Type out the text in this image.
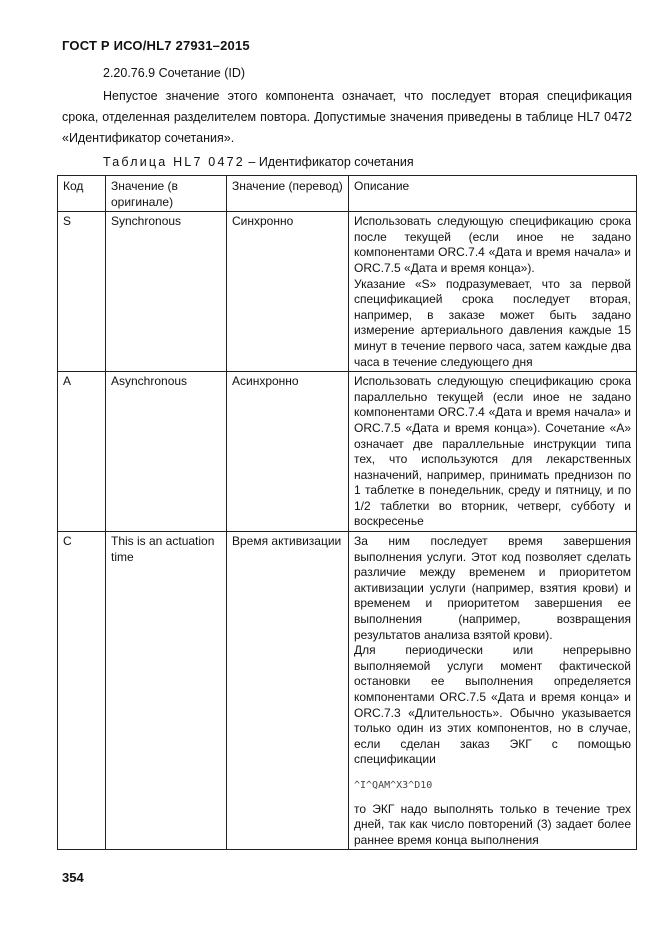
ГОСТ Р ИСО/HL7 27931–2015
2.20.76.9 Сочетание (ID)
Непустое значение этого компонента означает, что последует вторая спецификация срока, отделенная разделителем повтора. Допустимые значения приведены в таблице HL7 0472 «Идентификатор сочетания».
Таблица HL7 0472 – Идентификатор сочетания
Код	Значение (в оригинале)	Значение (перевод)	Описание
S	Synchronous	Синхронно	Использовать следующую спецификацию срока после текущей (если иное не задано компонентами ORC.7.4 «Дата и время начала» и ORC.7.5 «Дата и время конца»).

Указание «S» подразумевает, что за первой спецификацией срока последует вторая, например, в заказе может быть задано измерение артериального давления каждые 15 минут в течение первого часа, затем каждые два часа в течение следующего дня

A	Asynchronous	Асинхронно	Использовать следующую спецификацию срока параллельно текущей (если иное не задано компонентами ORC.7.4 «Дата и время начала» и ORC.7.5 «Дата и время конца»). Сочетание «А» означает две параллельные инструкции типа тех, что используются для лекарственных назначений, например, принимать преднизон по 1 таблетке в понедельник, среду и пятницу, и по 1/2 таблетки во вторник, четверг, субботу и воскресенье

C	This is an actuation time	Время активизации	За ним последует время завершения выполнения услуги. Этот код позволяет сделать различие между временем и приоритетом активизации услуги (например, взятия крови) и временем и приоритетом завершения ее выполнения (например, возвращения результатов анализа взятой крови).

Для периодически или непрерывно выполняемой услуги момент фактической остановки ее выполнения определяется компонентами ORC.7.5 «Дата и время конца» и ORC.7.3 «Длительность». Обычно указывается только один из этих компонентов, но в случае, если сделан заказ ЭКГ с помощью спецификации

^I^QAM^X3^D10

то ЭКГ надо выполнять только в течение трех дней, так как число повторений (3) задает более раннее время конца выполнения

354
